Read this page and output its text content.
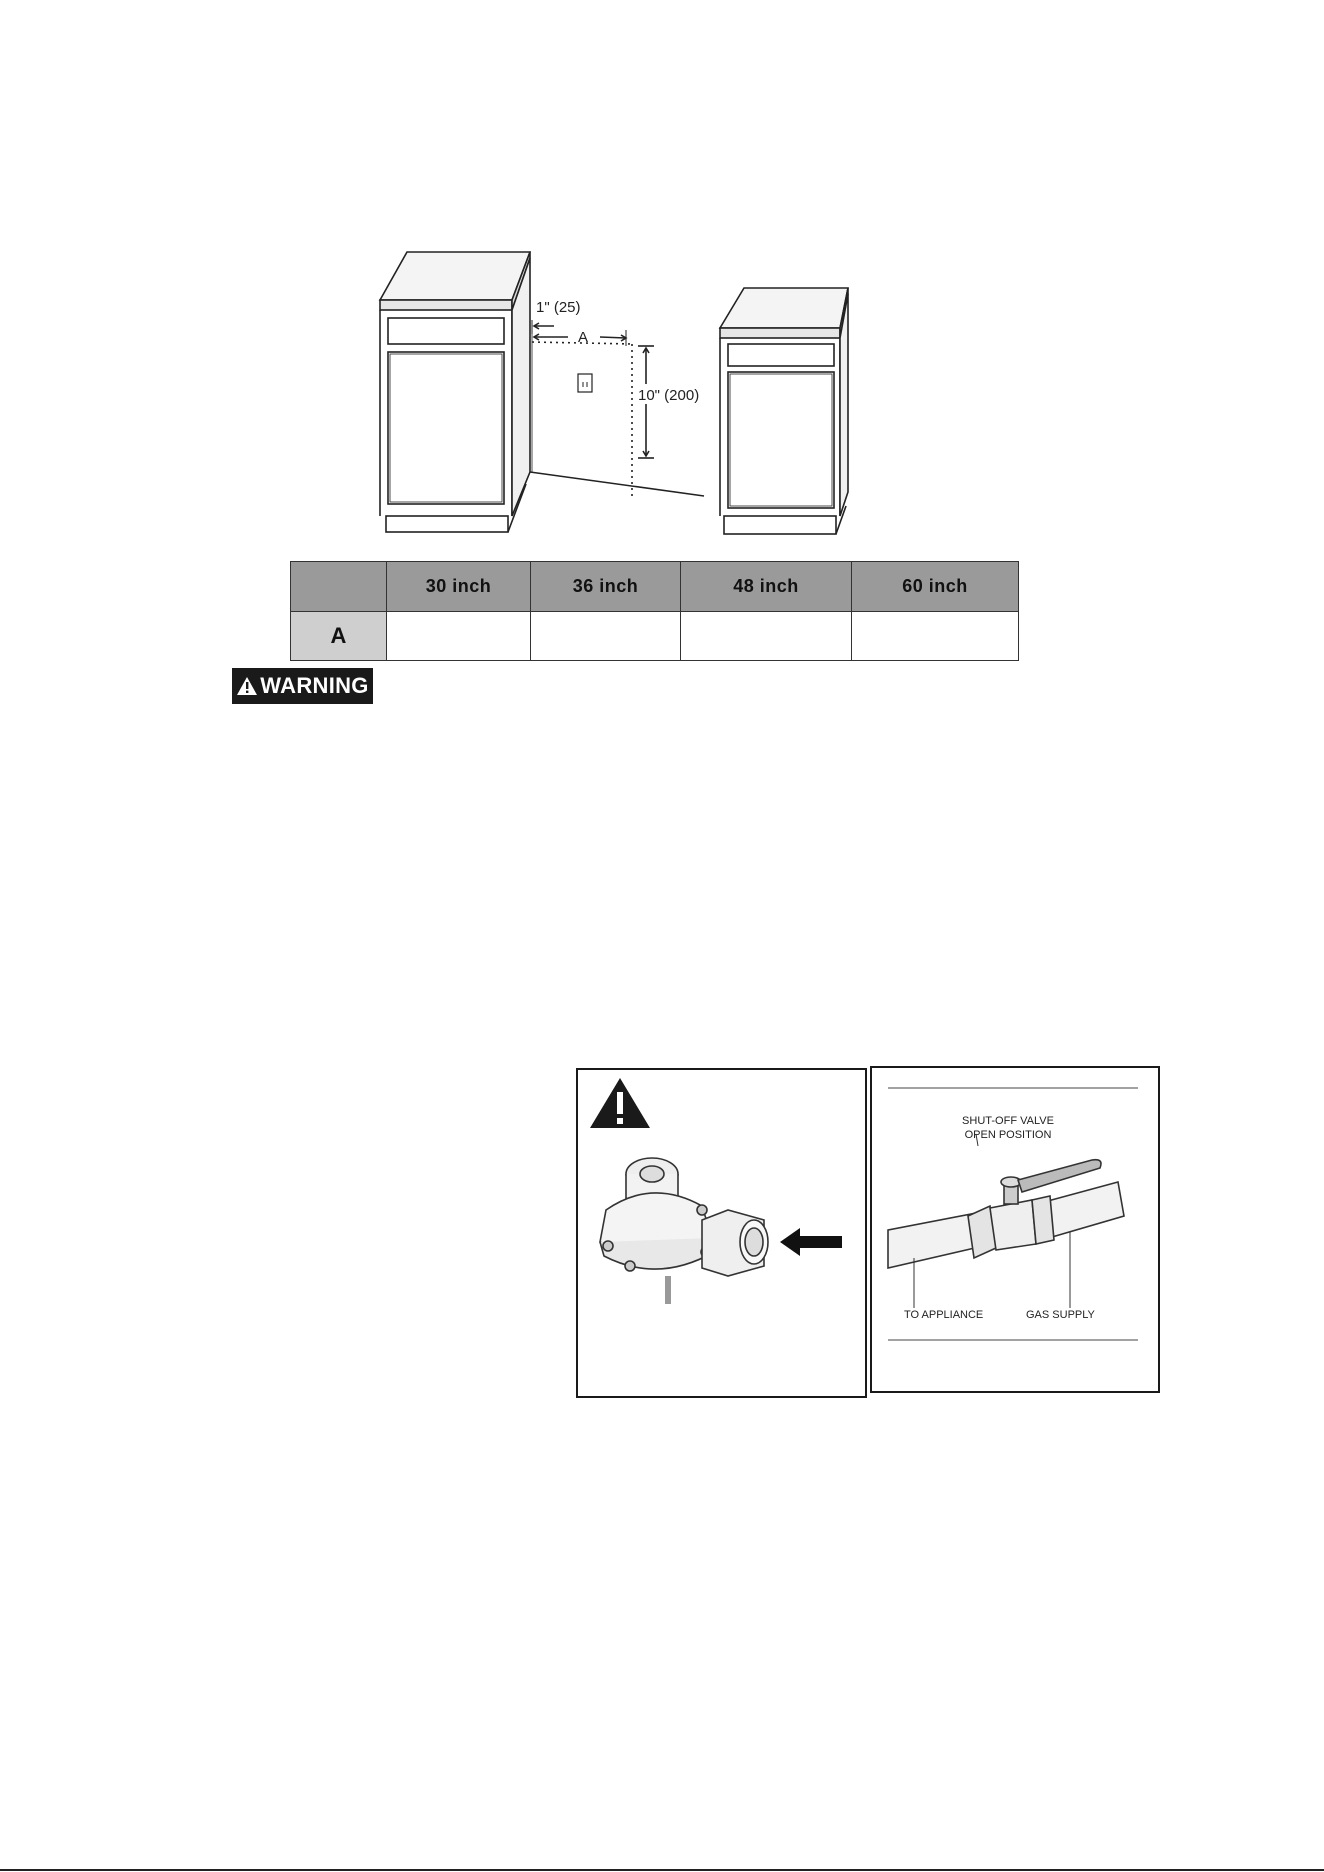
1" (25)
A
10" (200)
	30 inch	36 inch	48 inch	60 inch
A				
WARNING
SHUT-OFF VALVE
OPEN POSITION
TO APPLIANCE	GAS SUPPLY
